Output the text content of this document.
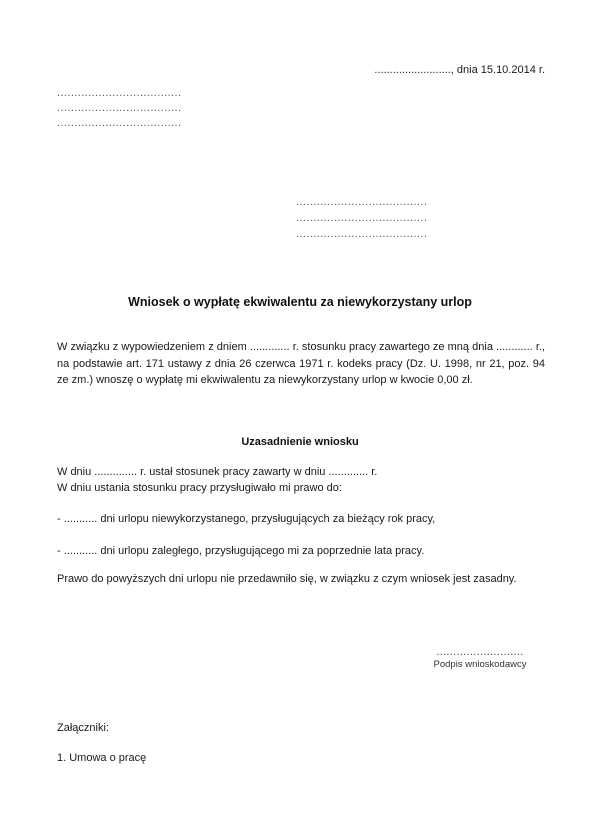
........................., dnia 15.10.2014 r.
....................................
....................................
....................................
......................................
......................................
......................................
Wniosek o wypłatę ekwiwalentu za niewykorzystany urlop
W związku z wypowiedzeniem z dniem ............. r. stosunku pracy zawartego ze mną dnia ............ r., na podstawie art. 171 ustawy z dnia 26 czerwca 1971 r. kodeks pracy (Dz. U. 1998, nr 21, poz. 94 ze zm.) wnoszę o wypłatę mi ekwiwalentu za niewykorzystany urlop w kwocie 0,00 zł.
Uzasadnienie wniosku
W dniu .............. r. ustał stosunek pracy zawarty w dniu ............. r.
W dniu ustania stosunku pracy przysługiwało mi prawo do:
- ........... dni urlopu niewykorzystanego, przysługujących za bieżący rok pracy,
- ........... dni urlopu zaległego, przysługującego mi za poprzednie lata pracy.
Prawo do powyższych dni urlopu nie przedawniło się, w związku z czym wniosek jest zasadny.
..........................
Podpis wnioskodawcy
Załączniki:
1. Umowa o pracę
